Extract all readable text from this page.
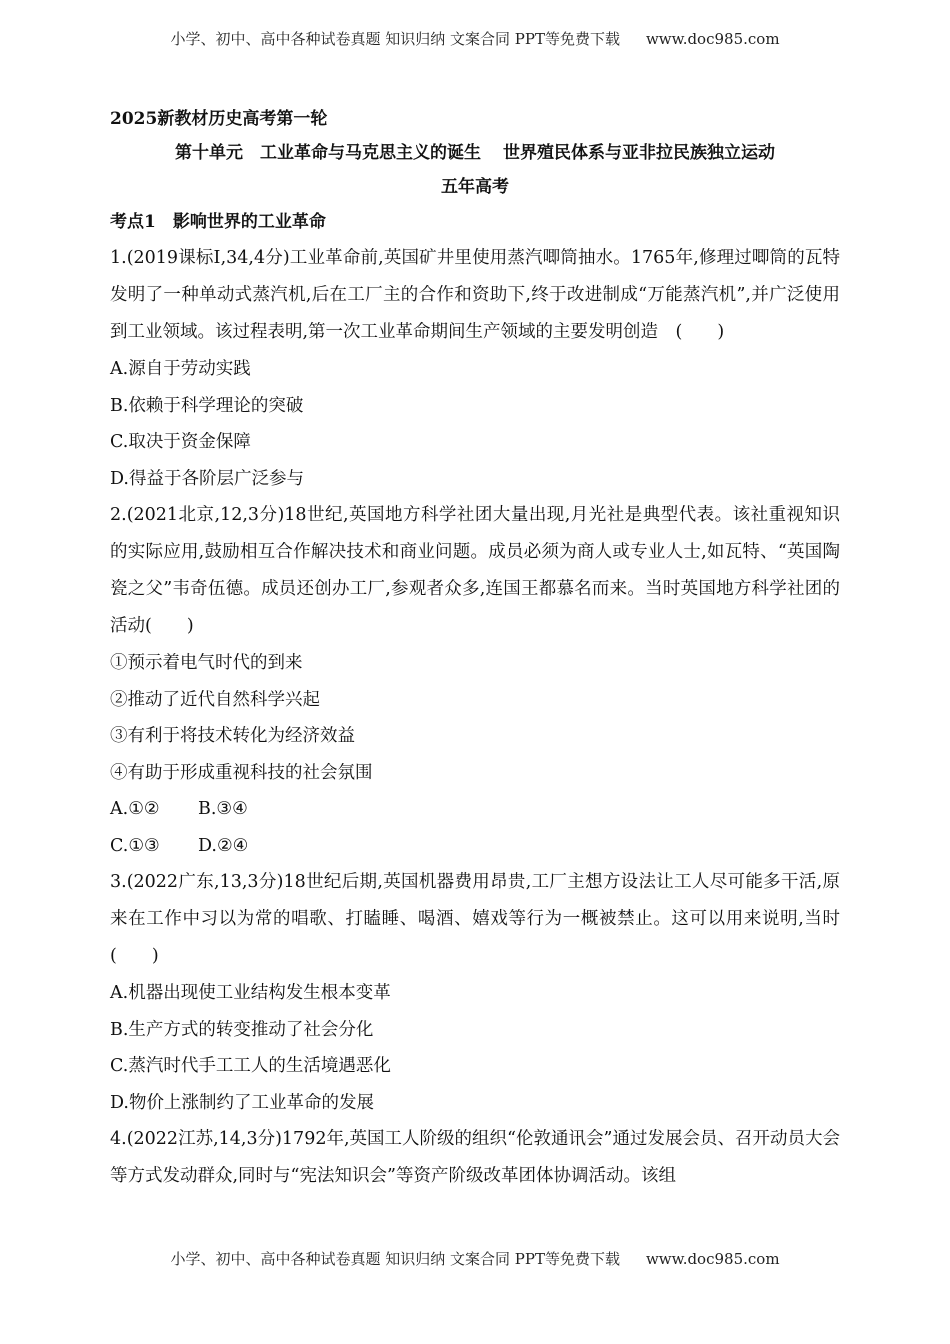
小学、初中、高中各种试卷真题 知识归纳 文案合同 PPT等免费下载 www.doc985.com
2025新教材历史高考第一轮
第十单元　工业革命与马克思主义的诞生 世界殖民体系与亚非拉民族独立运动
五年高考
考点1　影响世界的工业革命
1.(2019课标Ⅰ,34,4分)工业革命前,英国矿井里使用蒸汽唧筒抽水。1765年,修理过唧筒的瓦特发明了一种单动式蒸汽机,后在工厂主的合作和资助下,终于改进制成“万能蒸汽机”,并广泛使用到工业领域。该过程表明,第一次工业革命期间生产领域的主要发明创造　(　　)
A.源自于劳动实践
B.依赖于科学理论的突破
C.取决于资金保障
D.得益于各阶层广泛参与
2.(2021北京,12,3分)18世纪,英国地方科学社团大量出现,月光社是典型代表。该社重视知识的实际应用,鼓励相互合作解决技术和商业问题。成员必须为商人或专业人士,如瓦特、“英国陶瓷之父”韦奇伍德。成员还创办工厂,参观者众多,连国王都慕名而来。当时英国地方科学社团的活动(　　)
①预示着电气时代的到来
②推动了近代自然科学兴起
③有利于将技术转化为经济效益
④有助于形成重视科技的社会氛围
A.①② B.③④
C.①③ D.②④
3.(2022广东,13,3分)18世纪后期,英国机器费用昂贵,工厂主想方设法让工人尽可能多干活,原来在工作中习以为常的唱歌、打瞌睡、喝酒、嬉戏等行为一概被禁止。这可以用来说明,当时(　　)
A.机器出现使工业结构发生根本变革
B.生产方式的转变推动了社会分化
C.蒸汽时代手工工人的生活境遇恶化
D.物价上涨制约了工业革命的发展
4.(2022江苏,14,3分)1792年,英国工人阶级的组织“伦敦通讯会”通过发展会员、召开动员大会等方式发动群众,同时与“宪法知识会”等资产阶级改革团体协调活动。该组
小学、初中、高中各种试卷真题 知识归纳 文案合同 PPT等免费下载 www.doc985.com
